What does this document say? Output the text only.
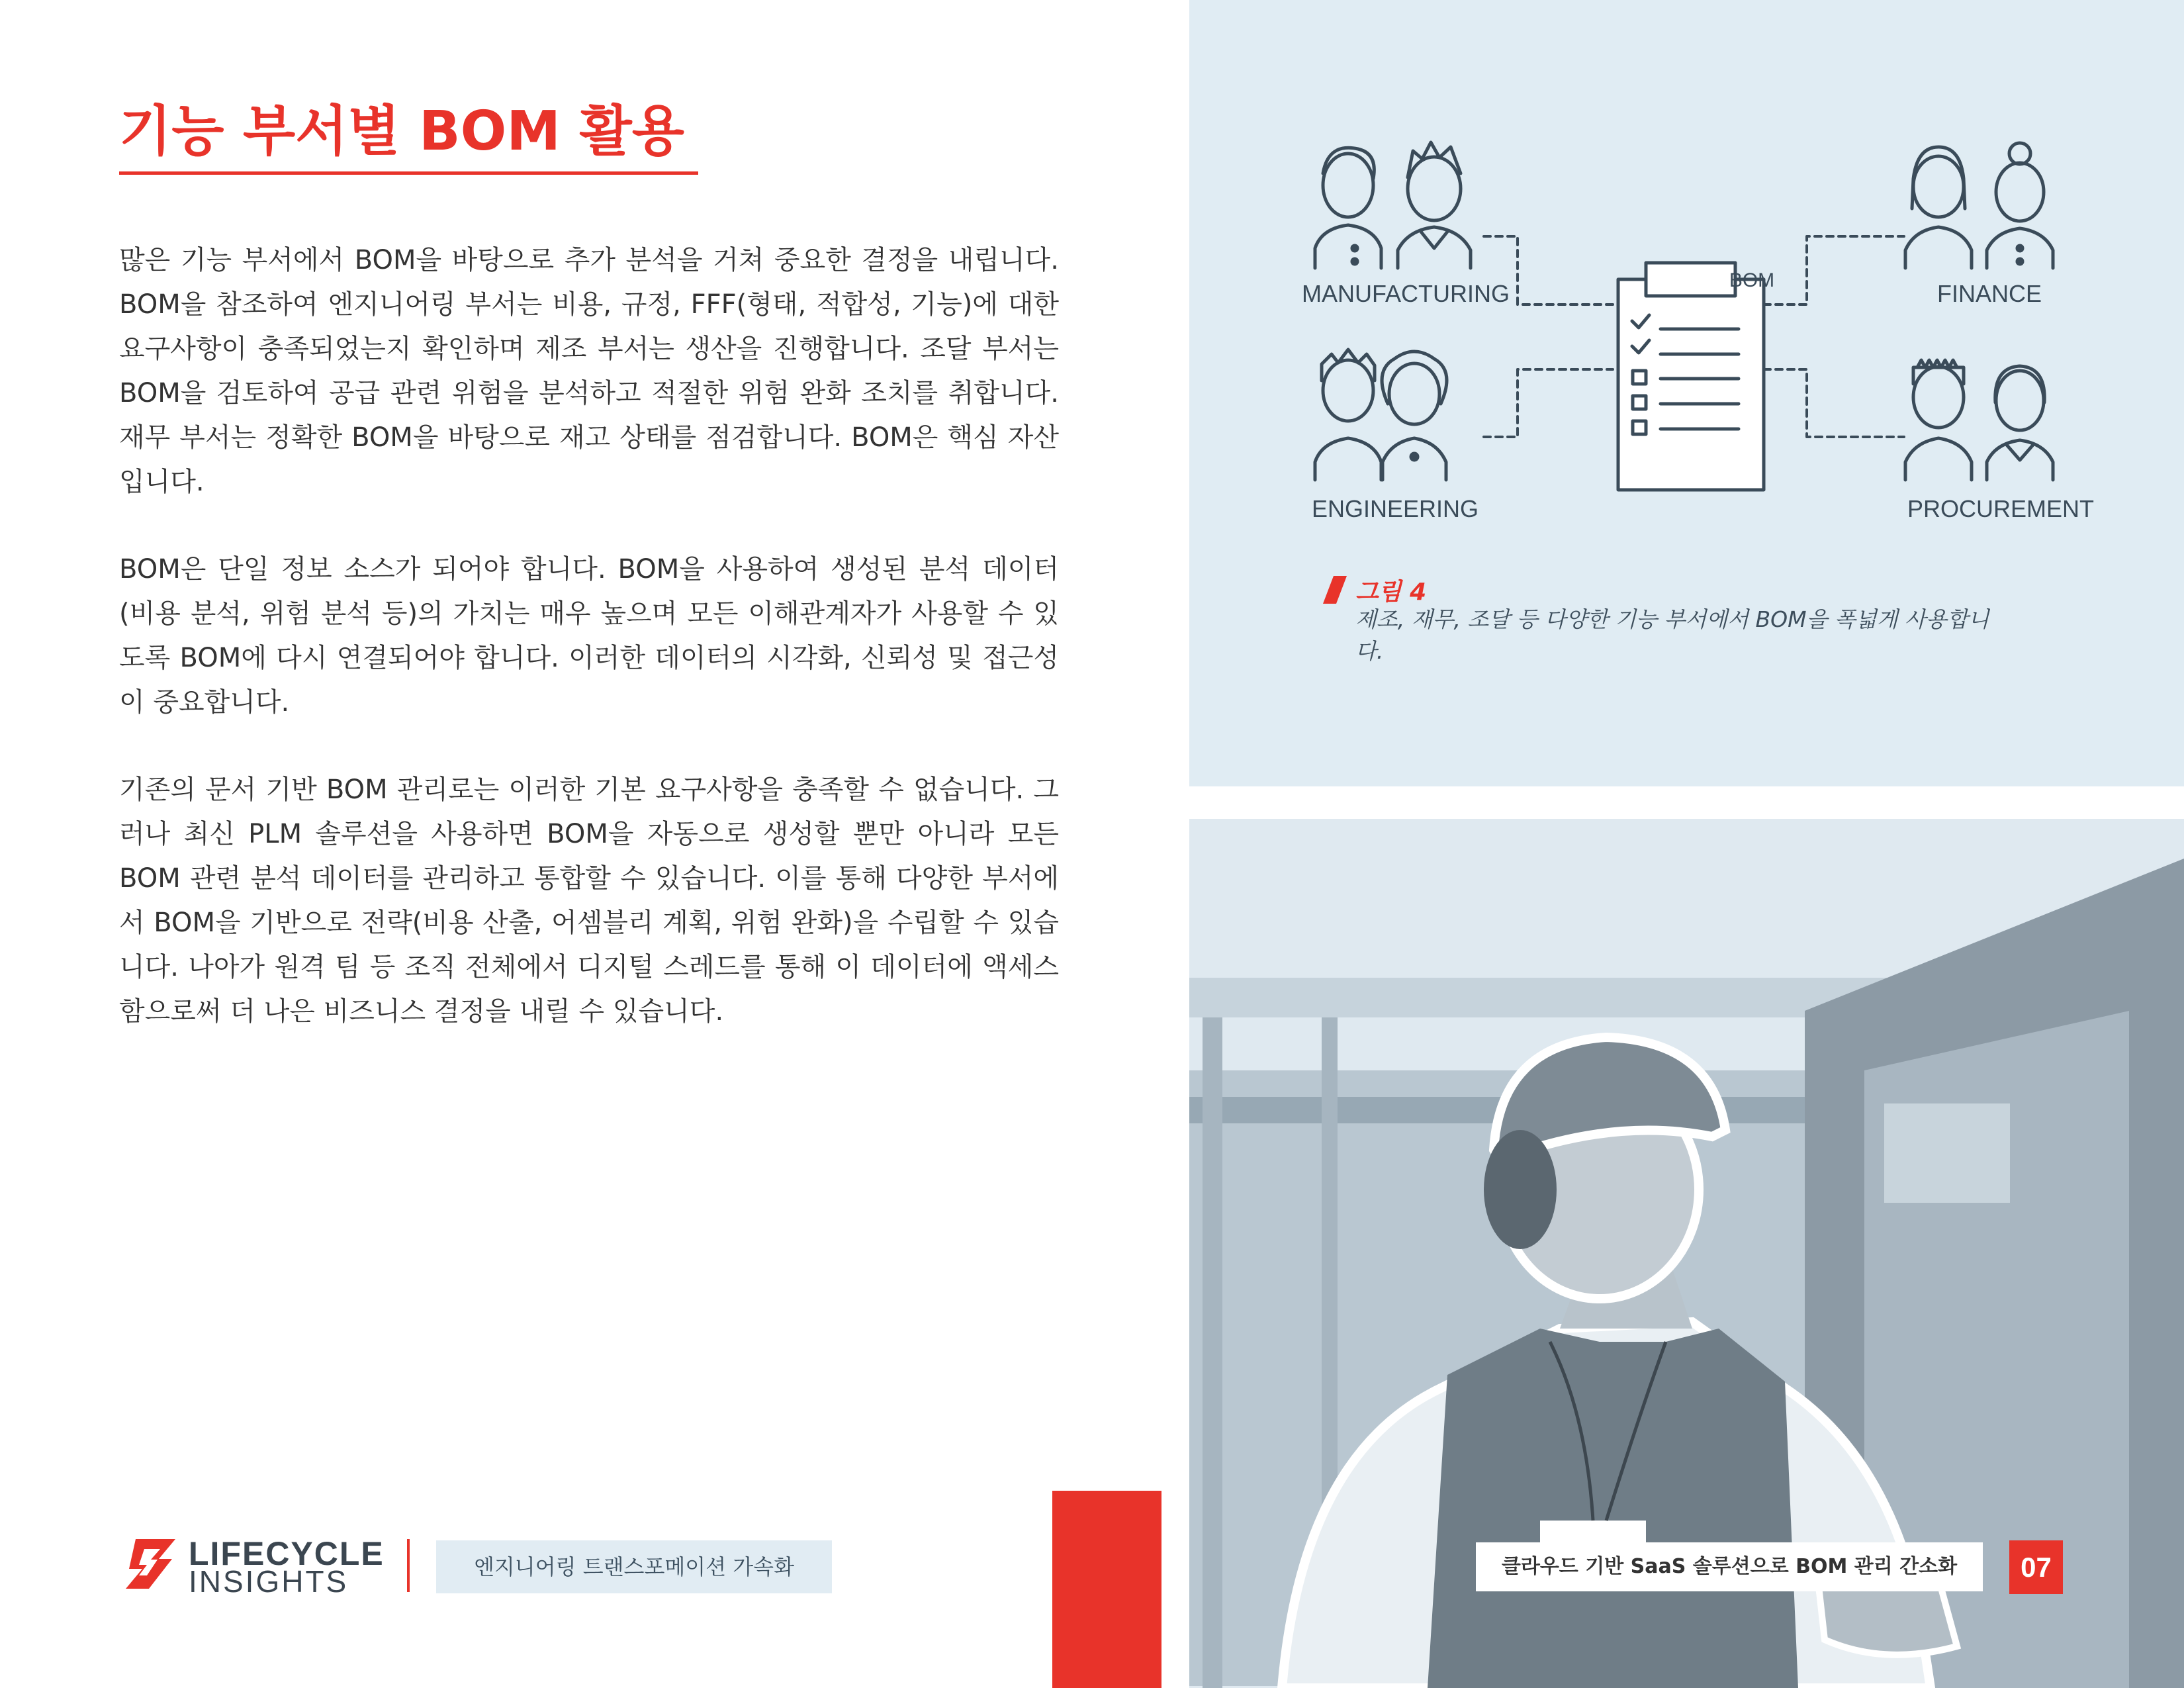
기능 부서별 BOM 활용

많은 기능 부서에서 BOM을 바탕으로 추가 분석을 거쳐 중요한 결정을 내립니다. BOM을 참조하여 엔지니어링 부서는 비용, 규정, FFF(형태, 적합성, 기능)에 대한 요구사항이 충족되었는지 확인하며 제조 부서는 생산을 진행합니다. 조달 부서는 BOM을 검토하여 공급 관련 위험을 분석하고 적절한 위험 완화 조치를 취합니다. 재무 부서는 정확한 BOM을 바탕으로 재고 상태를 점검합니다. BOM은 핵심 자산입니다.

BOM은 단일 정보 소스가 되어야 합니다. BOM을 사용하여 생성된 분석 데이터(비용 분석, 위험 분석 등)의 가치는 매우 높으며 모든 이해관계자가 사용할 수 있도록 BOM에 다시 연결되어야 합니다. 이러한 데이터의 시각화, 신뢰성 및 접근성이 중요합니다.

기존의 문서 기반 BOM 관리로는 이러한 기본 요구사항을 충족할 수 없습니다. 그러나 최신 PLM 솔루션을 사용하면 BOM을 자동으로 생성할 뿐만 아니라 모든 BOM 관련 분석 데이터를 관리하고 통합할 수 있습니다. 이를 통해 다양한 부서에서 BOM을 기반으로 전략(비용 산출, 어셈블리 계획, 위험 완화)을 수립할 수 있습니다. 나아가 원격 팀 등 조직 전체에서 디지털 스레드를 통해 이 데이터에 액세스함으로써 더 나은 비즈니스 결정을 내릴 수 있습니다.

BOM
MANUFACTURING	FINANCE
ENGINEERING	PROCUREMENT
그림 4
제조, 재무, 조달 등 다양한 기능 부서에서 BOM을 폭넓게 사용합니다.
LIFECYCLE
INSIGHTS	엔지니어링 트랜스포메이션 가속화	클라우드 기반 SaaS 솔루션으로 BOM 관리 간소화	07
